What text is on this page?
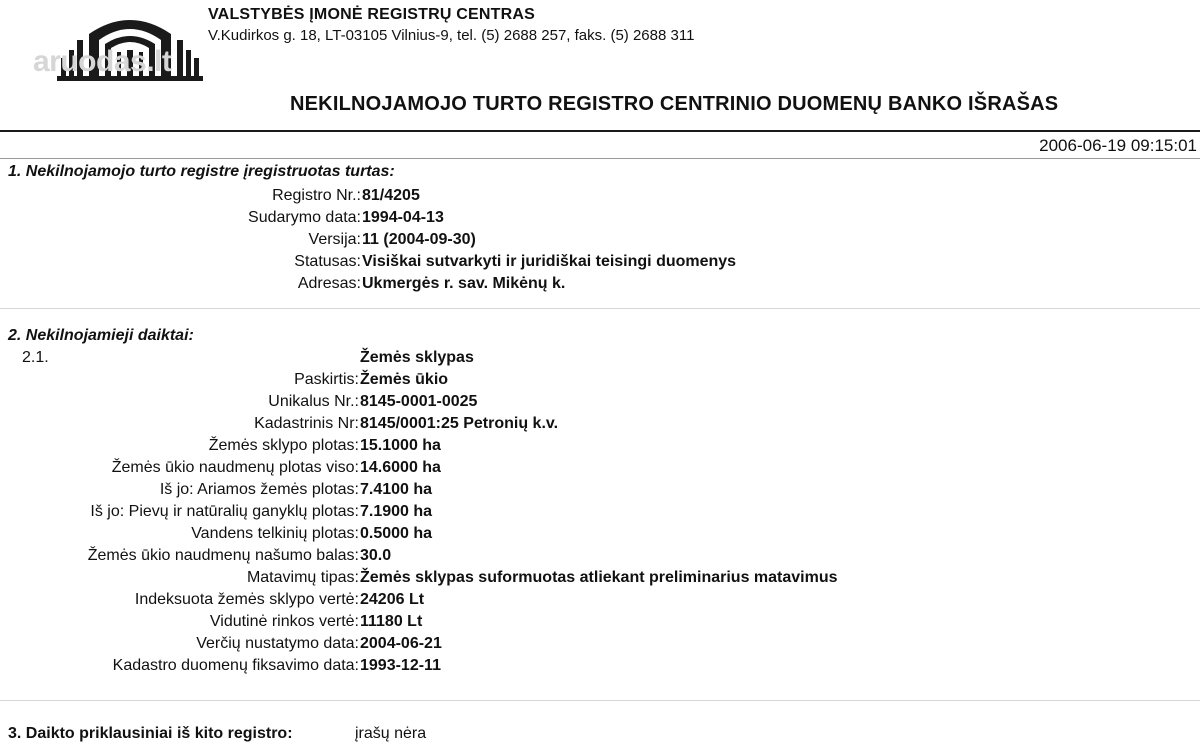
aruodas.lt
VALSTYBĖS ĮMONĖ REGISTRŲ CENTRAS
V.Kudirkos g. 18, LT-03105 Vilnius-9, tel. (5) 2688 257, faks. (5) 2688 311
NEKILNOJAMOJO TURTO REGISTRO CENTRINIO DUOMENŲ BANKO IŠRAŠAS
2006-06-19 09:15:01
1. Nekilnojamojo turto registre įregistruotas turtas:
Registro Nr.: 81/4205
Sudarymo data: 1994-04-13
Versija: 11 (2004-09-30)
Statusas: Visiškai sutvarkyti ir juridiškai teisingi duomenys
Adresas: Ukmergės r. sav. Mikėnų k.
2. Nekilnojamieji daiktai:
2.1.	Žemės sklypas
Paskirtis: Žemės ūkio
Unikalus Nr.: 8145-0001-0025
Kadastrinis Nr: 8145/0001:25 Petronių k.v.
Žemės sklypo plotas: 15.1000 ha
Žemės ūkio naudmenų plotas viso: 14.6000 ha
Iš jo: Ariamos žemės plotas: 7.4100 ha
Iš jo: Pievų ir natūralių ganyklų plotas: 7.1900 ha
Vandens telkinių plotas: 0.5000 ha
Žemės ūkio naudmenų našumo balas: 30.0
Matavimų tipas: Žemės sklypas suformuotas atliekant preliminarius matavimus
Indeksuota žemės sklypo vertė: 24206 Lt
Vidutinė rinkos vertė: 11180 Lt
Verčių nustatymo data: 2004-06-21
Kadastro duomenų fiksavimo data: 1993-12-11
3. Daikto priklausiniai iš kito registro:	įrašų nėra
